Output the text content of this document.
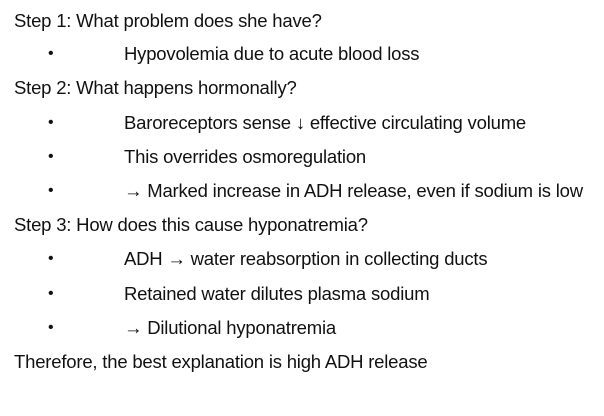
Step 1: What problem does she have?
•	Hypovolemia due to acute blood loss
Step 2: What happens hormonally?
•	Baroreceptors sense ↓ effective circulating volume
•	This overrides osmoregulation
•	→ Marked increase in ADH release, even if sodium is low
Step 3: How does this cause hyponatremia?
•	ADH → water reabsorption in collecting ducts
•	Retained water dilutes plasma sodium
•	→ Dilutional hyponatremia
Therefore, the best explanation is high ADH release
